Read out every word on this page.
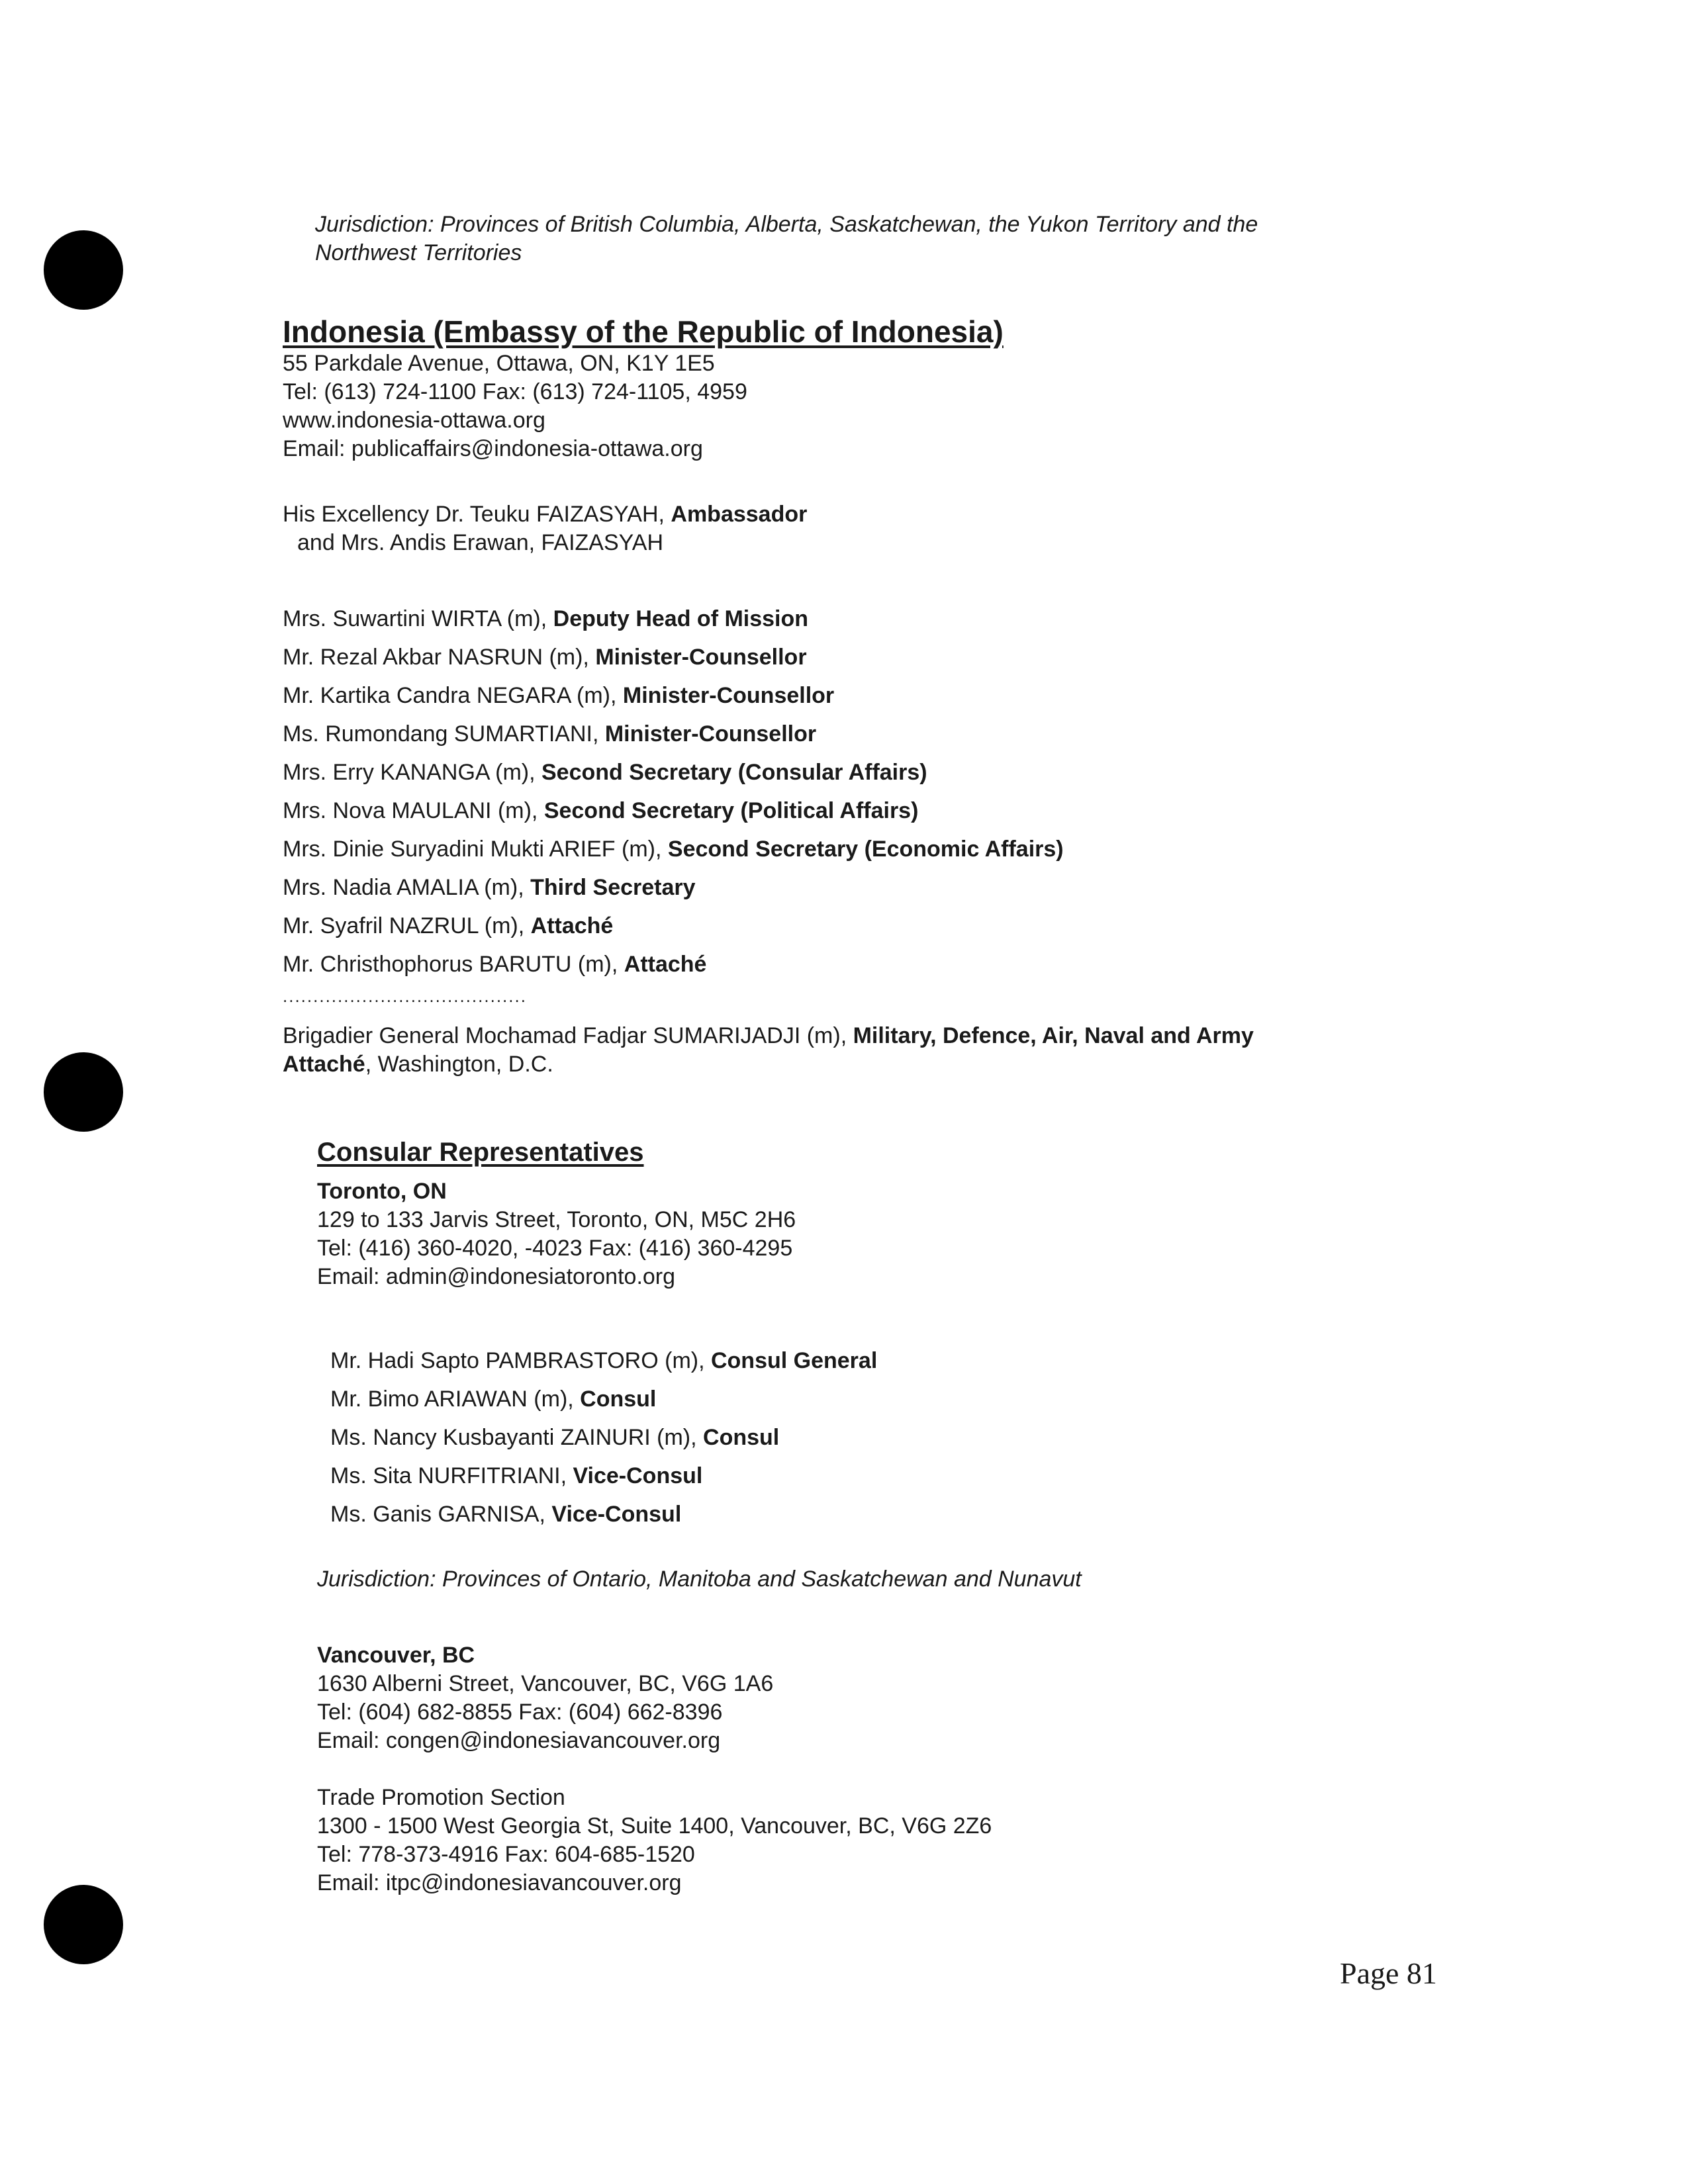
Jurisdiction: Provinces of British Columbia, Alberta, Saskatchewan, the Yukon Territory and the
Northwest Territories
Indonesia (Embassy of the Republic of Indonesia)
55 Parkdale Avenue, Ottawa, ON, K1Y 1E5
Tel: (613) 724-1100 Fax: (613) 724-1105, 4959
www.indonesia-ottawa.org
Email: publicaffairs@indonesia-ottawa.org
His Excellency Dr. Teuku FAIZASYAH, Ambassador
and Mrs. Andis Erawan, FAIZASYAH
Mrs. Suwartini WIRTA (m), Deputy Head of Mission
Mr. Rezal Akbar NASRUN (m), Minister-Counsellor
Mr. Kartika Candra NEGARA (m), Minister-Counsellor
Ms. Rumondang SUMARTIANI, Minister-Counsellor
Mrs. Erry KANANGA (m), Second Secretary (Consular Affairs)
Mrs. Nova MAULANI (m), Second Secretary (Political Affairs)
Mrs. Dinie Suryadini Mukti ARIEF (m), Second Secretary (Economic Affairs)
Mrs. Nadia AMALIA (m), Third Secretary
Mr. Syafril NAZRUL (m), Attaché
Mr. Christhophorus BARUTU (m), Attaché
........................................
Brigadier General Mochamad Fadjar SUMARIJADJI (m), Military, Defence, Air, Naval and Army
Attaché, Washington, D.C.
Consular Representatives
Toronto, ON
129 to 133 Jarvis Street, Toronto, ON, M5C 2H6
Tel: (416) 360-4020, -4023 Fax: (416) 360-4295
Email: admin@indonesiatoronto.org
Mr. Hadi Sapto PAMBRASTORO (m), Consul General
Mr. Bimo ARIAWAN (m), Consul
Ms. Nancy Kusbayanti ZAINURI (m), Consul
Ms. Sita NURFITRIANI, Vice-Consul
Ms. Ganis GARNISA, Vice-Consul
Jurisdiction: Provinces of Ontario, Manitoba and Saskatchewan and Nunavut
Vancouver, BC
1630 Alberni Street, Vancouver, BC, V6G 1A6
Tel: (604) 682-8855 Fax: (604) 662-8396
Email: congen@indonesiavancouver.org
Trade Promotion Section
1300 - 1500 West Georgia St, Suite 1400, Vancouver, BC, V6G 2Z6
Tel: 778-373-4916 Fax: 604-685-1520
Email: itpc@indonesiavancouver.org
Page 81
